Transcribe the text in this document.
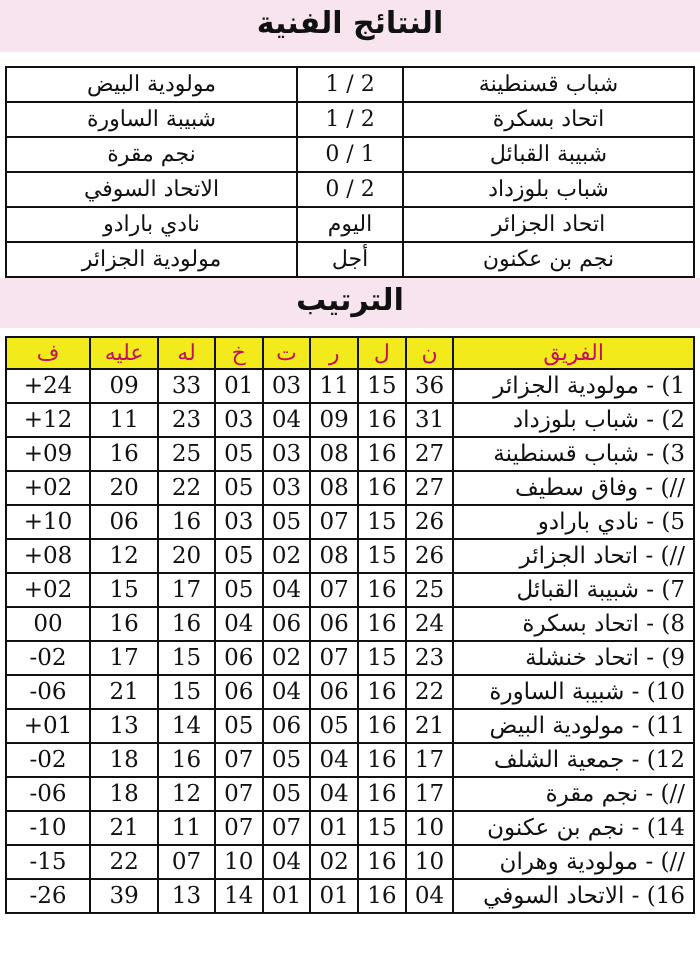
النتائج الفنية
شباب قسنطينة	2 / 1	مولودية البيض
اتحاد بسكرة	2 / 1	شبيبة الساورة
شبيبة القبائل	1 / 0	نجم مقرة
شباب بلوزداد	2 / 0	الاتحاد السوفي
اتحاد الجزائر	اليوم	نادي بارادو
نجم بن عكنون	أجل	مولودية الجزائر
الترتيب
الفريق	ن	ل	ر	ت	خ	له	عليه	ف
1) - مولودية الجزائر	36	15	11	03	01	33	09	24+
2) - شباب بلوزداد	31	16	09	04	03	23	11	12+
3) - شباب قسنطينة	27	16	08	03	05	25	16	09+
//) - وفاق سطيف	27	16	08	03	05	22	20	02+
5) - نادي بارادو	26	15	07	05	03	16	06	10+
//) - اتحاد الجزائر	26	15	08	02	05	20	12	08+
7) - شبيبة القبائل	25	16	07	04	05	17	15	02+
8) - اتحاد بسكرة	24	16	06	06	04	16	16	00
9) - اتحاد خنشلة	23	15	07	02	06	15	17	02-
10) - شبيبة الساورة	22	16	06	04	06	15	21	06-
11) - مولودية البيض	21	16	05	06	05	14	13	01+
12) - جمعية الشلف	17	16	04	05	07	16	18	02-
//) - نجم مقرة	17	16	04	05	07	12	18	06-
14) - نجم بن عكنون	10	15	01	07	07	11	21	10-
//) - مولودية وهران	10	16	02	04	10	07	22	15-
16) - الاتحاد السوفي	04	16	01	01	14	13	39	26-
